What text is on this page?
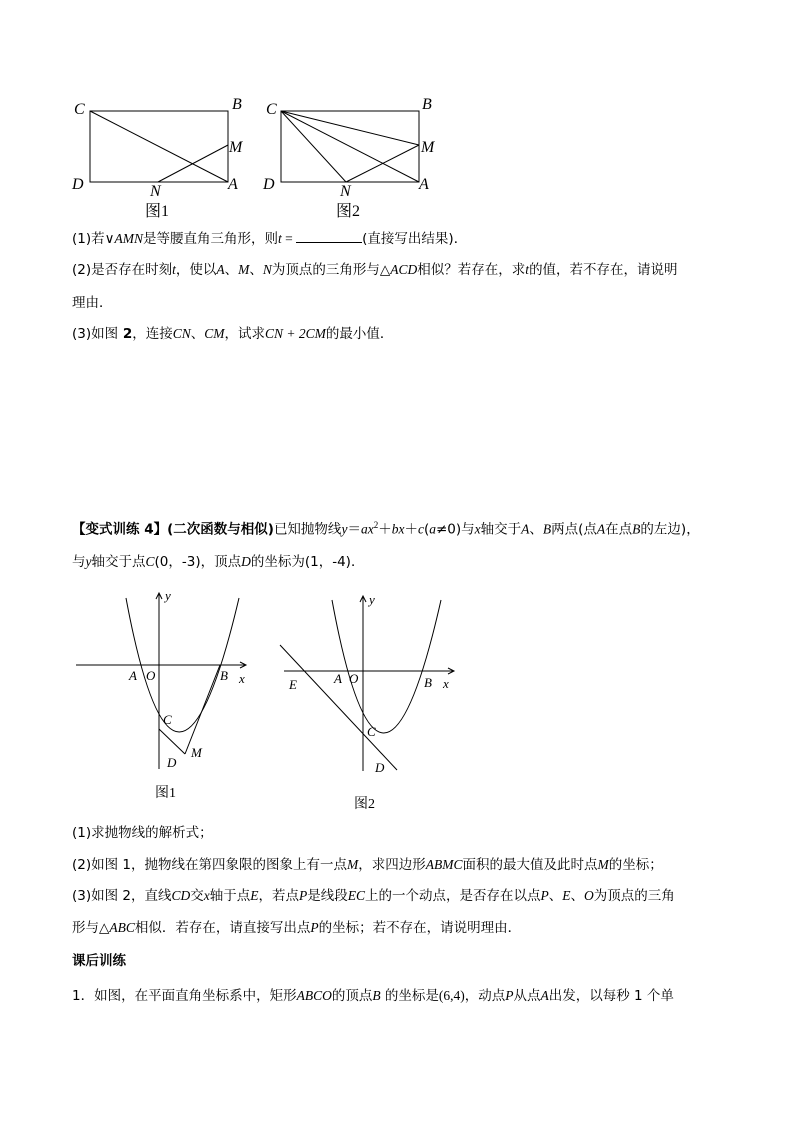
C	B
M
D	N	A
图1
C	B
M
D	N	A
图2
y
x
A O	B
C
M
D
图1
y
x
E	A O	B
C
D
图2
(1)若∨AMN是等腰直角三角形，则t =	(直接写出结果)．
(2)是否存在时刻t，使以A、M、N为顶点的三角形与△ACD相似？若存在，求t的值，若不存在，请说明
理由．
(3)如图 2，连接CN、CM，试求CN + 2CM的最小值．
【变式训练 4】(二次函数与相似)已知抛物线$y=ax^2+bx+c(a\ne 0)$与x轴交于A、B两点(点A在点B的左边)，
与y轴交于点C(0，-3)，顶点D的坐标为(1，-4)．
(1)求抛物线的解析式；
(2)如图 1，抛物线在第四象限的图象上有一点M，求四边形ABMC面积的最大值及此时点M的坐标；
(3)如图 2，直线CD交x轴于点E，若点P是线段EC上的一个动点，是否存在以点P、E、O为顶点的三角
形与△ABC相似．若存在，请直接写出点P的坐标；若不存在，请说明理由．
课后训练
1．如图，在平面直角坐标系中，矩形ABCO的顶点B 的坐标是(6,4)，动点P从点A出发，以每秒 1 个单
